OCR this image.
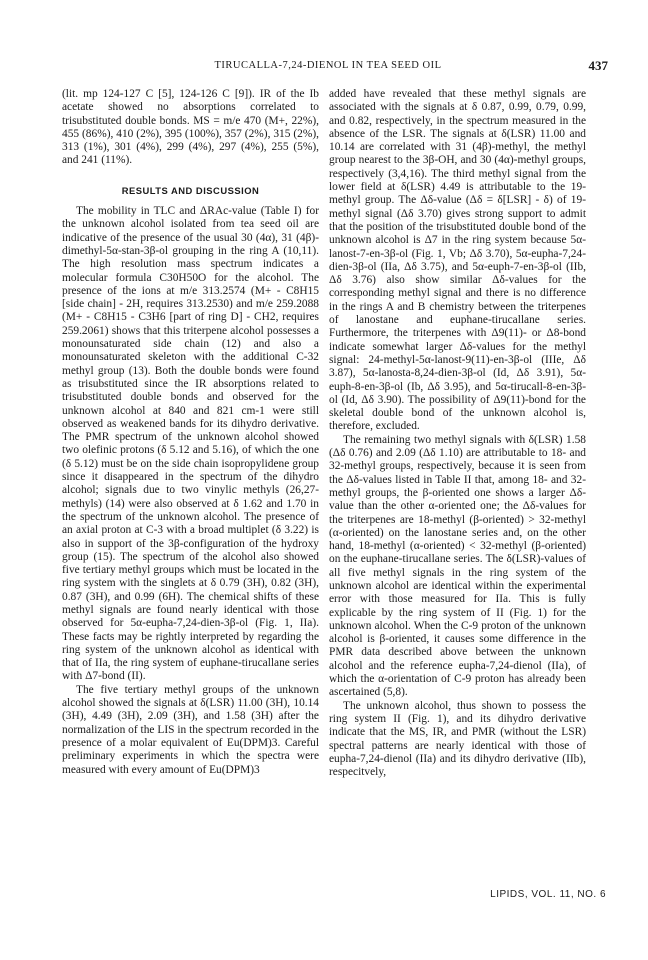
TIRUCALLA-7,24-DIENOL IN TEA SEED OIL	437

(lit. mp 124-127 C [5], 124-126 C [9]). IR of the Ib acetate showed no absorptions correlated to trisubstituted double bonds. MS = m/e 470 (M+, 22%), 455 (86%), 410 (2%), 395 (100%), 357 (2%), 315 (2%), 313 (1%), 301 (4%), 299 (4%), 297 (4%), 255 (5%), and 241 (11%).

RESULTS AND DISCUSSION

The mobility in TLC and ΔRAc-value (Table I) for the unknown alcohol isolated from tea seed oil are indicative of the presence of the usual 30 (4α), 31 (4β)-dimethyl-5α-stan-3β-ol grouping in the ring A (10,11). The high resolution mass spectrum indicates a molecular formula C30H50O for the alcohol. The presence of the ions at m/e 313.2574 (M+ - C8H15 [side chain] - 2H, requires 313.2530) and m/e 259.2088 (M+ - C8H15 - C3H6 [part of ring D] - CH2, requires 259.2061) shows that this triterpene alcohol possesses a monounsaturated side chain (12) and also a monounsaturated skeleton with the additional C-32 methyl group (13). Both the double bonds were found as trisubstituted since the IR absorptions related to trisubstituted double bonds and observed for the unknown alcohol at 840 and 821 cm-1 were still observed as weakened bands for its dihydro derivative. The PMR spectrum of the unknown alcohol showed two olefinic protons (δ 5.12 and 5.16), of which the one (δ 5.12) must be on the side chain isopropylidene group since it disappeared in the spectrum of the dihydro alcohol; signals due to two vinylic methyls (26,27-methyls) (14) were also observed at δ 1.62 and 1.70 in the spectrum of the unknown alcohol. The presence of an axial proton at C-3 with a broad multiplet (δ 3.22) is also in support of the 3β-configuration of the hydroxy group (15). The spectrum of the alcohol also showed five tertiary methyl groups which must be located in the ring system with the singlets at δ 0.79 (3H), 0.82 (3H), 0.87 (3H), and 0.99 (6H). The chemical shifts of these methyl signals are found nearly identical with those observed for 5α-eupha-7,24-dien-3β-ol (Fig. 1, IIa). These facts may be rightly interpreted by regarding the ring system of the unknown alcohol as identical with that of IIa, the ring system of euphane-tirucallane series with Δ7-bond (II).

The five tertiary methyl groups of the unknown alcohol showed the signals at δ(LSR) 11.00 (3H), 10.14 (3H), 4.49 (3H), 2.09 (3H), and 1.58 (3H) after the normalization of the LIS in the spectrum recorded in the presence of a molar equivalent of Eu(DPM)3. Careful preliminary experiments in which the spectra were measured with every amount of Eu(DPM)3

added have revealed that these methyl signals are associated with the signals at δ 0.87, 0.99, 0.79, 0.99, and 0.82, respectively, in the spectrum measured in the absence of the LSR. The signals at δ(LSR) 11.00 and 10.14 are correlated with 31 (4β)-methyl, the methyl group nearest to the 3β-OH, and 30 (4α)-methyl groups, respectively (3,4,16). The third methyl signal from the lower field at δ(LSR) 4.49 is attributable to the 19-methyl group. The Δδ-value (Δδ = δ[LSR] - δ) of 19-methyl signal (Δδ 3.70) gives strong support to admit that the position of the trisubstituted double bond of the unknown alcohol is Δ7 in the ring system because 5α-lanost-7-en-3β-ol (Fig. 1, Vb; Δδ 3.70), 5α-eupha-7,24-dien-3β-ol (IIa, Δδ 3.75), and 5α-euph-7-en-3β-ol (IIb, Δδ 3.76) also show similar Δδ-values for the corresponding methyl signal and there is no difference in the rings A and B chemistry between the triterpenes of lanostane and euphane-tirucallane series. Furthermore, the triterpenes with Δ9(11)- or Δ8-bond indicate somewhat larger Δδ-values for the methyl signal: 24-methyl-5α-lanost-9(11)-en-3β-ol (IIIe, Δδ 3.87), 5α-lanosta-8,24-dien-3β-ol (Id, Δδ 3.91), 5α-euph-8-en-3β-ol (Ib, Δδ 3.95), and 5α-tirucall-8-en-3β-ol (Id, Δδ 3.90). The possibility of Δ9(11)-bond for the skeletal double bond of the unknown alcohol is, therefore, excluded.

The remaining two methyl signals with δ(LSR) 1.58 (Δδ 0.76) and 2.09 (Δδ 1.10) are attributable to 18- and 32-methyl groups, respectively, because it is seen from the Δδ-values listed in Table II that, among 18- and 32-methyl groups, the β-oriented one shows a larger Δδ-value than the other α-oriented one; the Δδ-values for the triterpenes are 18-methyl (β-oriented) > 32-methyl (α-oriented) on the lanostane series and, on the other hand, 18-methyl (α-oriented) < 32-methyl (β-oriented) on the euphane-tirucallane series. The δ(LSR)-values of all five methyl signals in the ring system of the unknown alcohol are identical within the experimental error with those measured for IIa. This is fully explicable by the ring system of II (Fig. 1) for the unknown alcohol. When the C-9 proton of the unknown alcohol is β-oriented, it causes some difference in the PMR data described above between the unknown alcohol and the reference eupha-7,24-dienol (IIa), of which the α-orientation of C-9 proton has already been ascertained (5,8).

The unknown alcohol, thus shown to possess the ring system II (Fig. 1), and its dihydro derivative indicate that the MS, IR, and PMR (without the LSR) spectral patterns are nearly identical with those of eupha-7,24-dienol (IIa) and its dihydro derivative (IIb), respecitvely,

LIPIDS, VOL. 11, NO. 6
